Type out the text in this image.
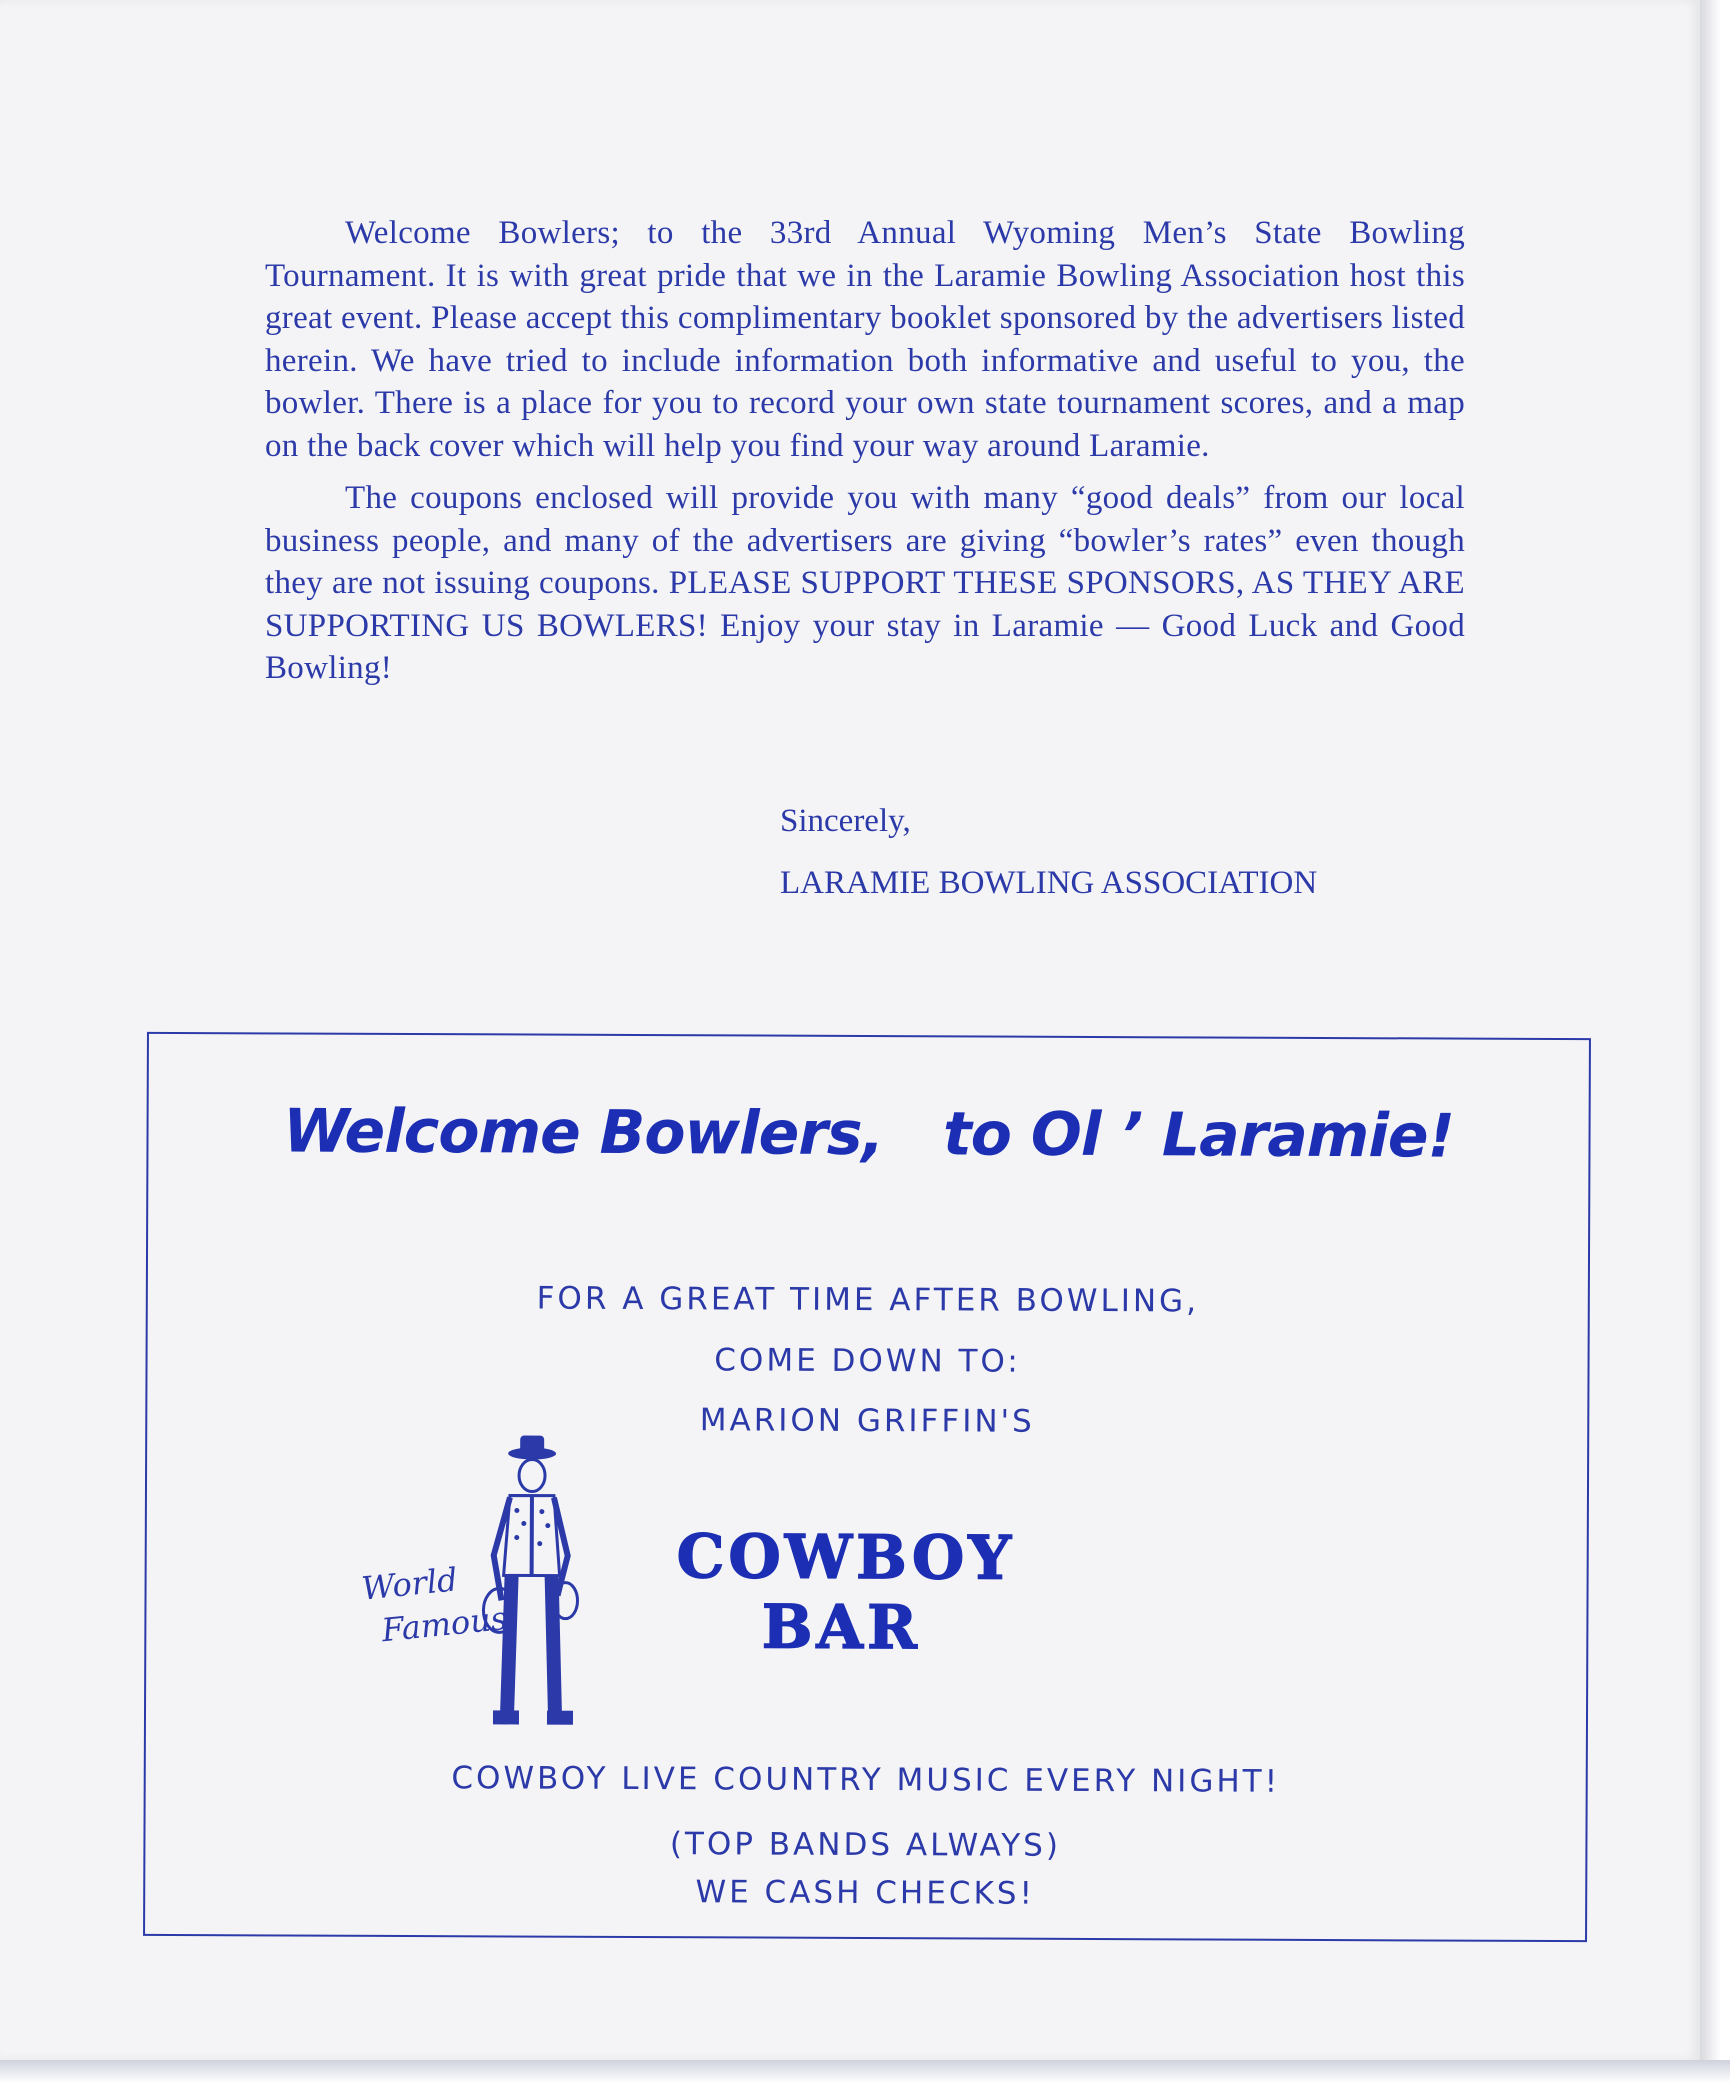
Welcome Bowlers; to the 33rd Annual Wyoming Men’s State Bowling Tournament. It is with great pride that we in the Laramie Bowling Association host this great event. Please accept this complimentary booklet sponsored by the advertisers listed herein. We have tried to include information both informative and useful to you, the bowler. There is a place for you to record your own state tournament scores, and a map on the back cover which will help you find your way around Laramie.

The coupons enclosed will provide you with many “good deals” from our local business people, and many of the advertisers are giving “bowler’s rates” even though they are not issuing coupons. PLEASE SUPPORT THESE SPONSORS, AS THEY ARE SUPPORTING US BOWLERS! Enjoy your stay in Laramie — Good Luck and Good Bowling!

Sincerely,
LARAMIE BOWLING ASSOCIATION
Welcome Bowlers,   to Ol ’ Laramie!
FOR A GREAT TIME AFTER BOWLING,
COME DOWN TO:
MARION GRIFFIN'S
World
Famous
COWBOY
BAR
COWBOY LIVE COUNTRY MUSIC EVERY NIGHT!
(TOP BANDS ALWAYS)
WE CASH CHECKS!
